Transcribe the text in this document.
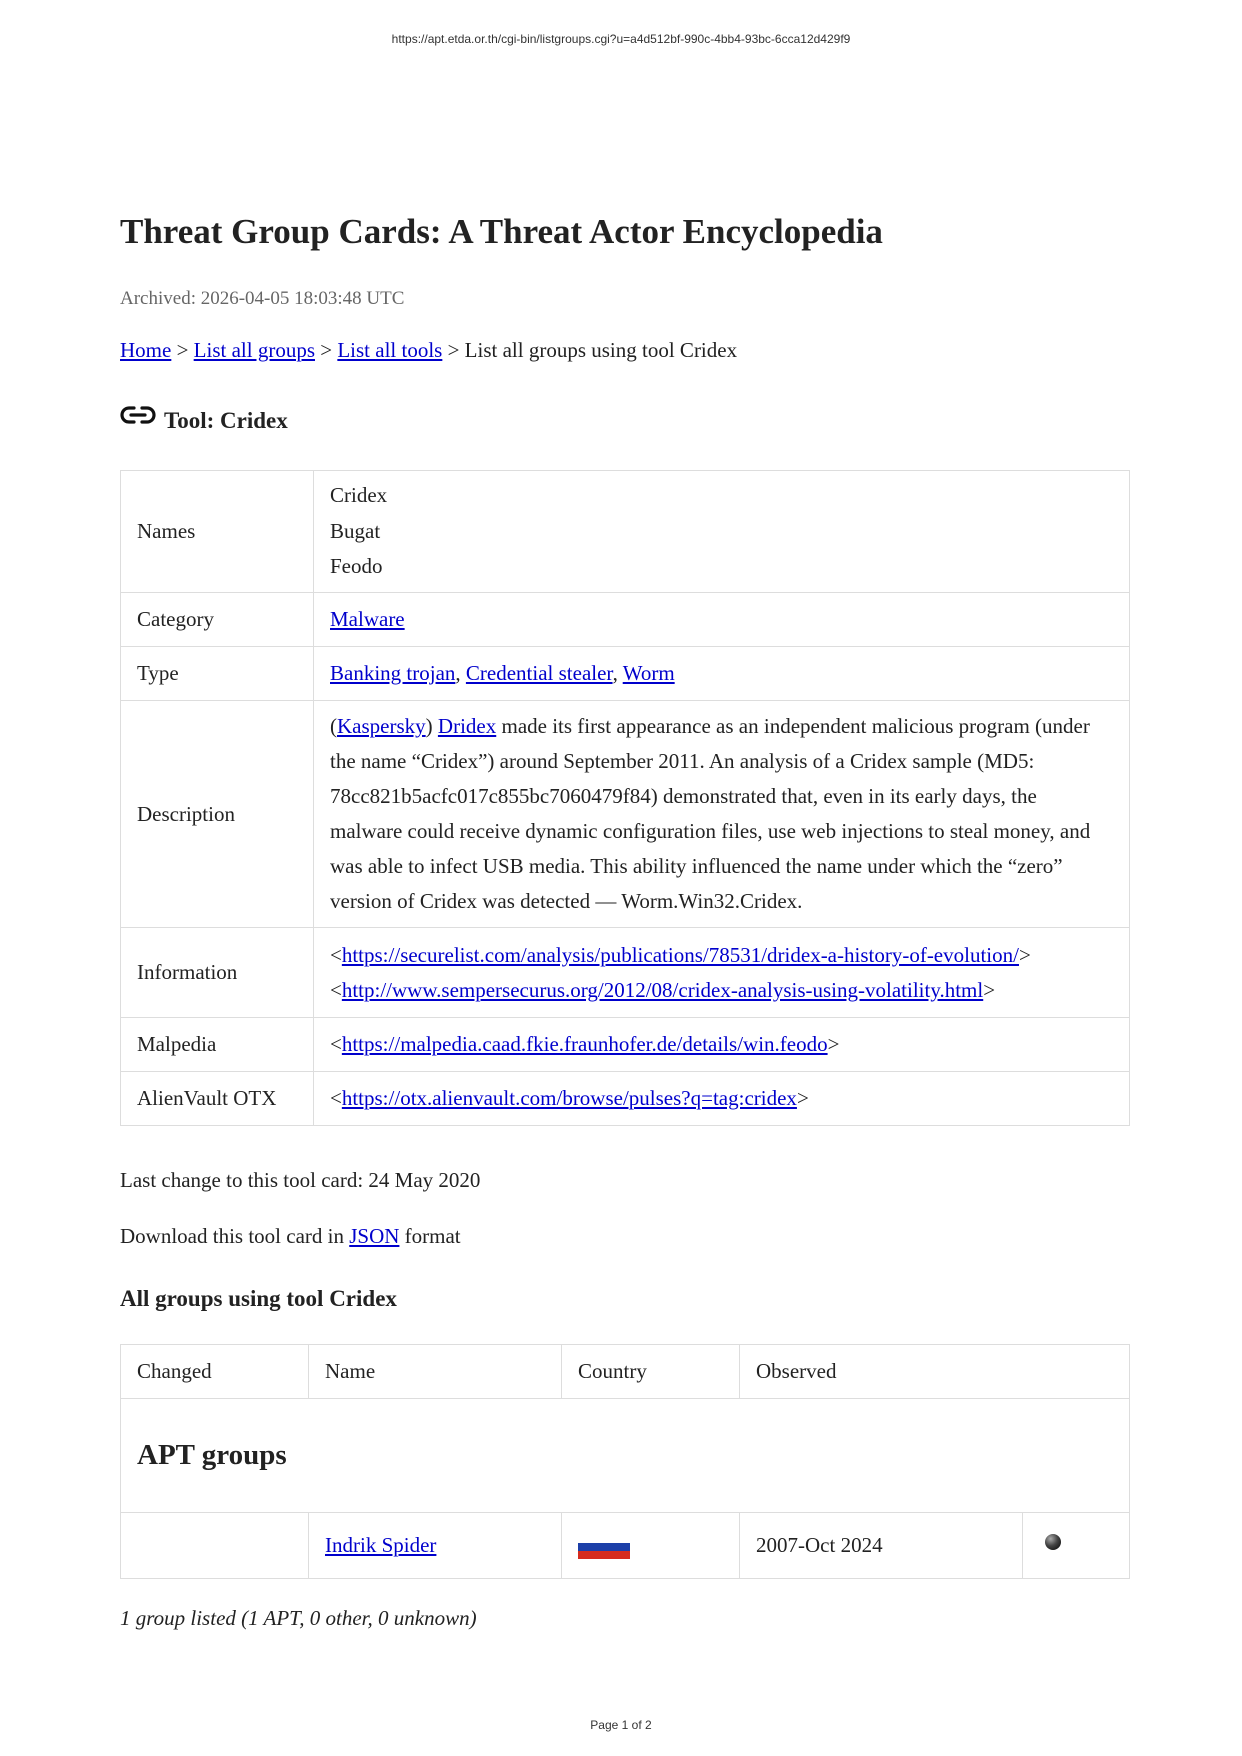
https://apt.etda.or.th/cgi-bin/listgroups.cgi?u=a4d512bf-990c-4bb4-93bc-6cca12d429f9
Threat Group Cards: A Threat Actor Encyclopedia
Archived: 2026-04-05 18:03:48 UTC
Home > List all groups > List all tools > List all groups using tool Cridex
Tool: Cridex
Names	Cridex
Bugat
Feodo

Category	Malware
Type	Banking trojan, Credential stealer, Worm
Description	(Kaspersky) Dridex made its first appearance as an independent malicious program (under the name “Cridex”) around September 2011. An analysis of a Cridex sample (MD5: 78cc821b5acfc017c855bc7060479f84) demonstrated that, even in its early days, the malware could receive dynamic configuration files, use web injections to steal money, and was able to infect USB media. This ability influenced the name under which the “zero” version of Cridex was detected — Worm.Win32.Cridex.
Information	<https://securelist.com/analysis/publications/78531/dridex-a-history-of-evolution/>
<http://www.sempersecurus.org/2012/08/cridex-analysis-using-volatility.html>

Malpedia	<https://malpedia.caad.fkie.fraunhofer.de/details/win.feodo>
AlienVault OTX	<https://otx.alienvault.com/browse/pulses?q=tag:cridex>
Last change to this tool card: 24 May 2020
Download this tool card in JSON format
All groups using tool Cridex
Changed	Name	Country	Observed	

APT groups				

	Indrik Spider		2007-Oct 2024	
1 group listed (1 APT, 0 other, 0 unknown)
Page 1 of 2
